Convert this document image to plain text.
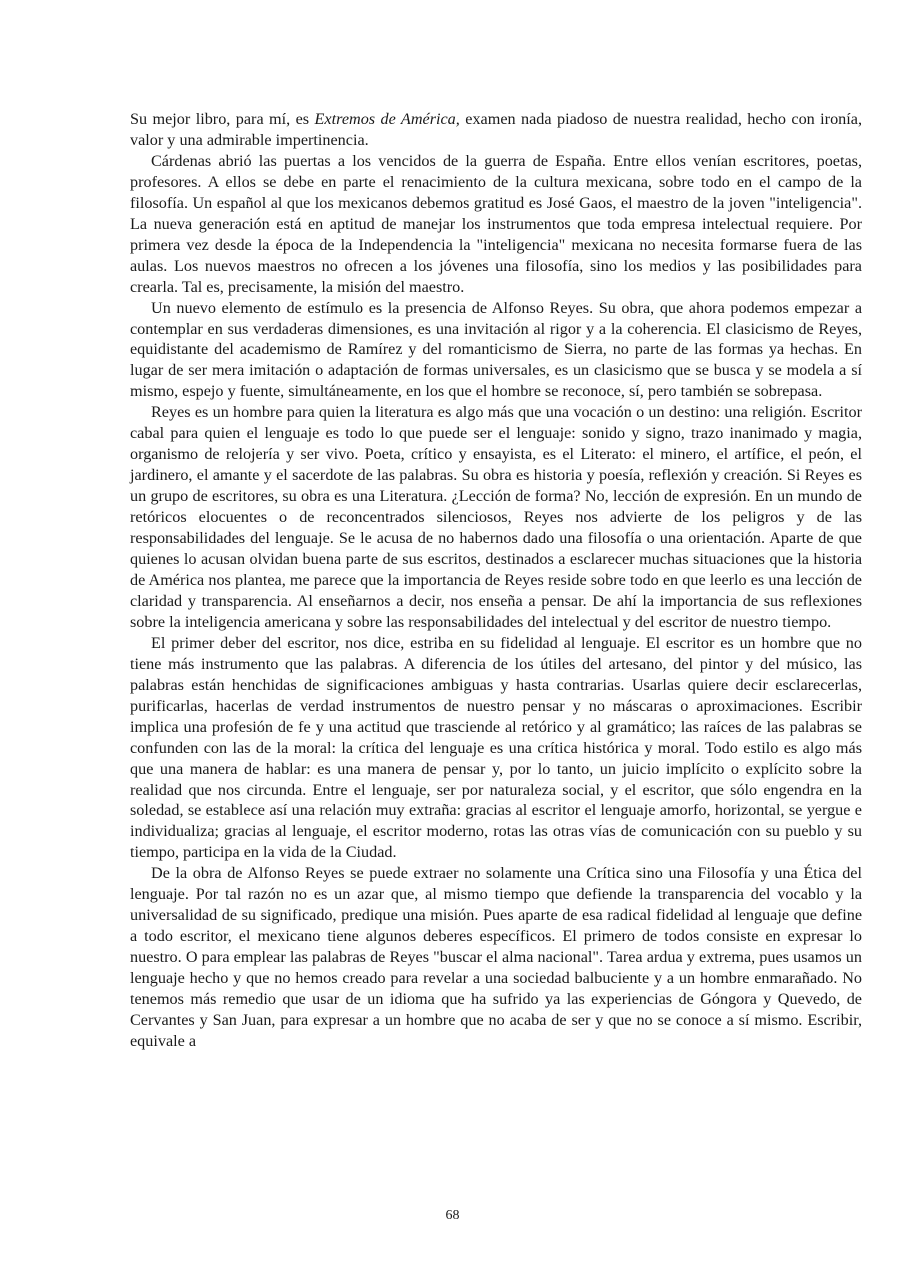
Su mejor libro, para mí, es Extremos de América, examen nada piadoso de nuestra realidad, hecho con ironía, valor y una admirable impertinencia.

Cárdenas abrió las puertas a los vencidos de la guerra de España. Entre ellos venían escritores, poetas, profesores. A ellos se debe en parte el renacimiento de la cultura mexicana, sobre todo en el campo de la filosofía. Un español al que los mexicanos debemos gratitud es José Gaos, el maestro de la joven "inteligencia". La nueva generación está en aptitud de manejar los instrumentos que toda empresa intelectual requiere. Por primera vez desde la época de la Independencia la "inteligencia" mexicana no necesita formarse fuera de las aulas. Los nuevos maestros no ofrecen a los jóvenes una filosofía, sino los medios y las posibilidades para crearla. Tal es, precisamente, la misión del maestro.

Un nuevo elemento de estímulo es la presencia de Alfonso Reyes. Su obra, que ahora podemos empezar a contemplar en sus verdaderas dimensiones, es una invitación al rigor y a la coherencia. El clasicismo de Reyes, equidistante del academismo de Ramírez y del romanticismo de Sierra, no parte de las formas ya hechas. En lugar de ser mera imitación o adaptación de formas universales, es un clasicismo que se busca y se modela a sí mismo, espejo y fuente, simultáneamente, en los que el hombre se reconoce, sí, pero también se sobrepasa.

Reyes es un hombre para quien la literatura es algo más que una vocación o un destino: una religión. Escritor cabal para quien el lenguaje es todo lo que puede ser el lenguaje: sonido y signo, trazo inanimado y magia, organismo de relojería y ser vivo. Poeta, crítico y ensayista, es el Literato: el minero, el artífice, el peón, el jardinero, el amante y el sacerdote de las palabras. Su obra es historia y poesía, reflexión y creación. Si Reyes es un grupo de escritores, su obra es una Literatura. ¿Lección de forma? No, lección de expresión. En un mundo de retóricos elocuentes o de reconcentrados silenciosos, Reyes nos advierte de los peligros y de las responsabilidades del lenguaje. Se le acusa de no habernos dado una filosofía o una orientación. Aparte de que quienes lo acusan olvidan buena parte de sus escritos, destinados a esclarecer muchas situaciones que la historia de América nos plantea, me parece que la importancia de Reyes reside sobre todo en que leerlo es una lección de claridad y transparencia. Al enseñarnos a decir, nos enseña a pensar. De ahí la importancia de sus reflexiones sobre la inteligencia americana y sobre las responsabilidades del intelectual y del escritor de nuestro tiempo.

El primer deber del escritor, nos dice, estriba en su fidelidad al lenguaje. El escritor es un hombre que no tiene más instrumento que las palabras. A diferencia de los útiles del artesano, del pintor y del músico, las palabras están henchidas de significaciones ambiguas y hasta contrarias. Usarlas quiere decir esclarecerlas, purificarlas, hacerlas de verdad instrumentos de nuestro pensar y no máscaras o aproximaciones. Escribir implica una profesión de fe y una actitud que trasciende al retórico y al gramático; las raíces de las palabras se confunden con las de la moral: la crítica del lenguaje es una crítica histórica y moral. Todo estilo es algo más que una manera de hablar: es una manera de pensar y, por lo tanto, un juicio implícito o explícito sobre la realidad que nos circunda. Entre el lenguaje, ser por naturaleza social, y el escritor, que sólo engendra en la soledad, se establece así una relación muy extraña: gracias al escritor el lenguaje amorfo, horizontal, se yergue e individualiza; gracias al lenguaje, el escritor moderno, rotas las otras vías de comunicación con su pueblo y su tiempo, participa en la vida de la Ciudad.

De la obra de Alfonso Reyes se puede extraer no solamente una Crítica sino una Filosofía y una Ética del lenguaje. Por tal razón no es un azar que, al mismo tiempo que defiende la transparencia del vocablo y la universalidad de su significado, predique una misión. Pues aparte de esa radical fidelidad al lenguaje que define a todo escritor, el mexicano tiene algunos deberes específicos. El primero de todos consiste en expresar lo nuestro. O para emplear las palabras de Reyes "buscar el alma nacional". Tarea ardua y extrema, pues usamos un lenguaje hecho y que no hemos creado para revelar a una sociedad balbuciente y a un hombre enmarañado. No tenemos más remedio que usar de un idioma que ha sufrido ya las experiencias de Góngora y Quevedo, de Cervantes y San Juan, para expresar a un hombre que no acaba de ser y que no se conoce a sí mismo. Escribir, equivale a

68
